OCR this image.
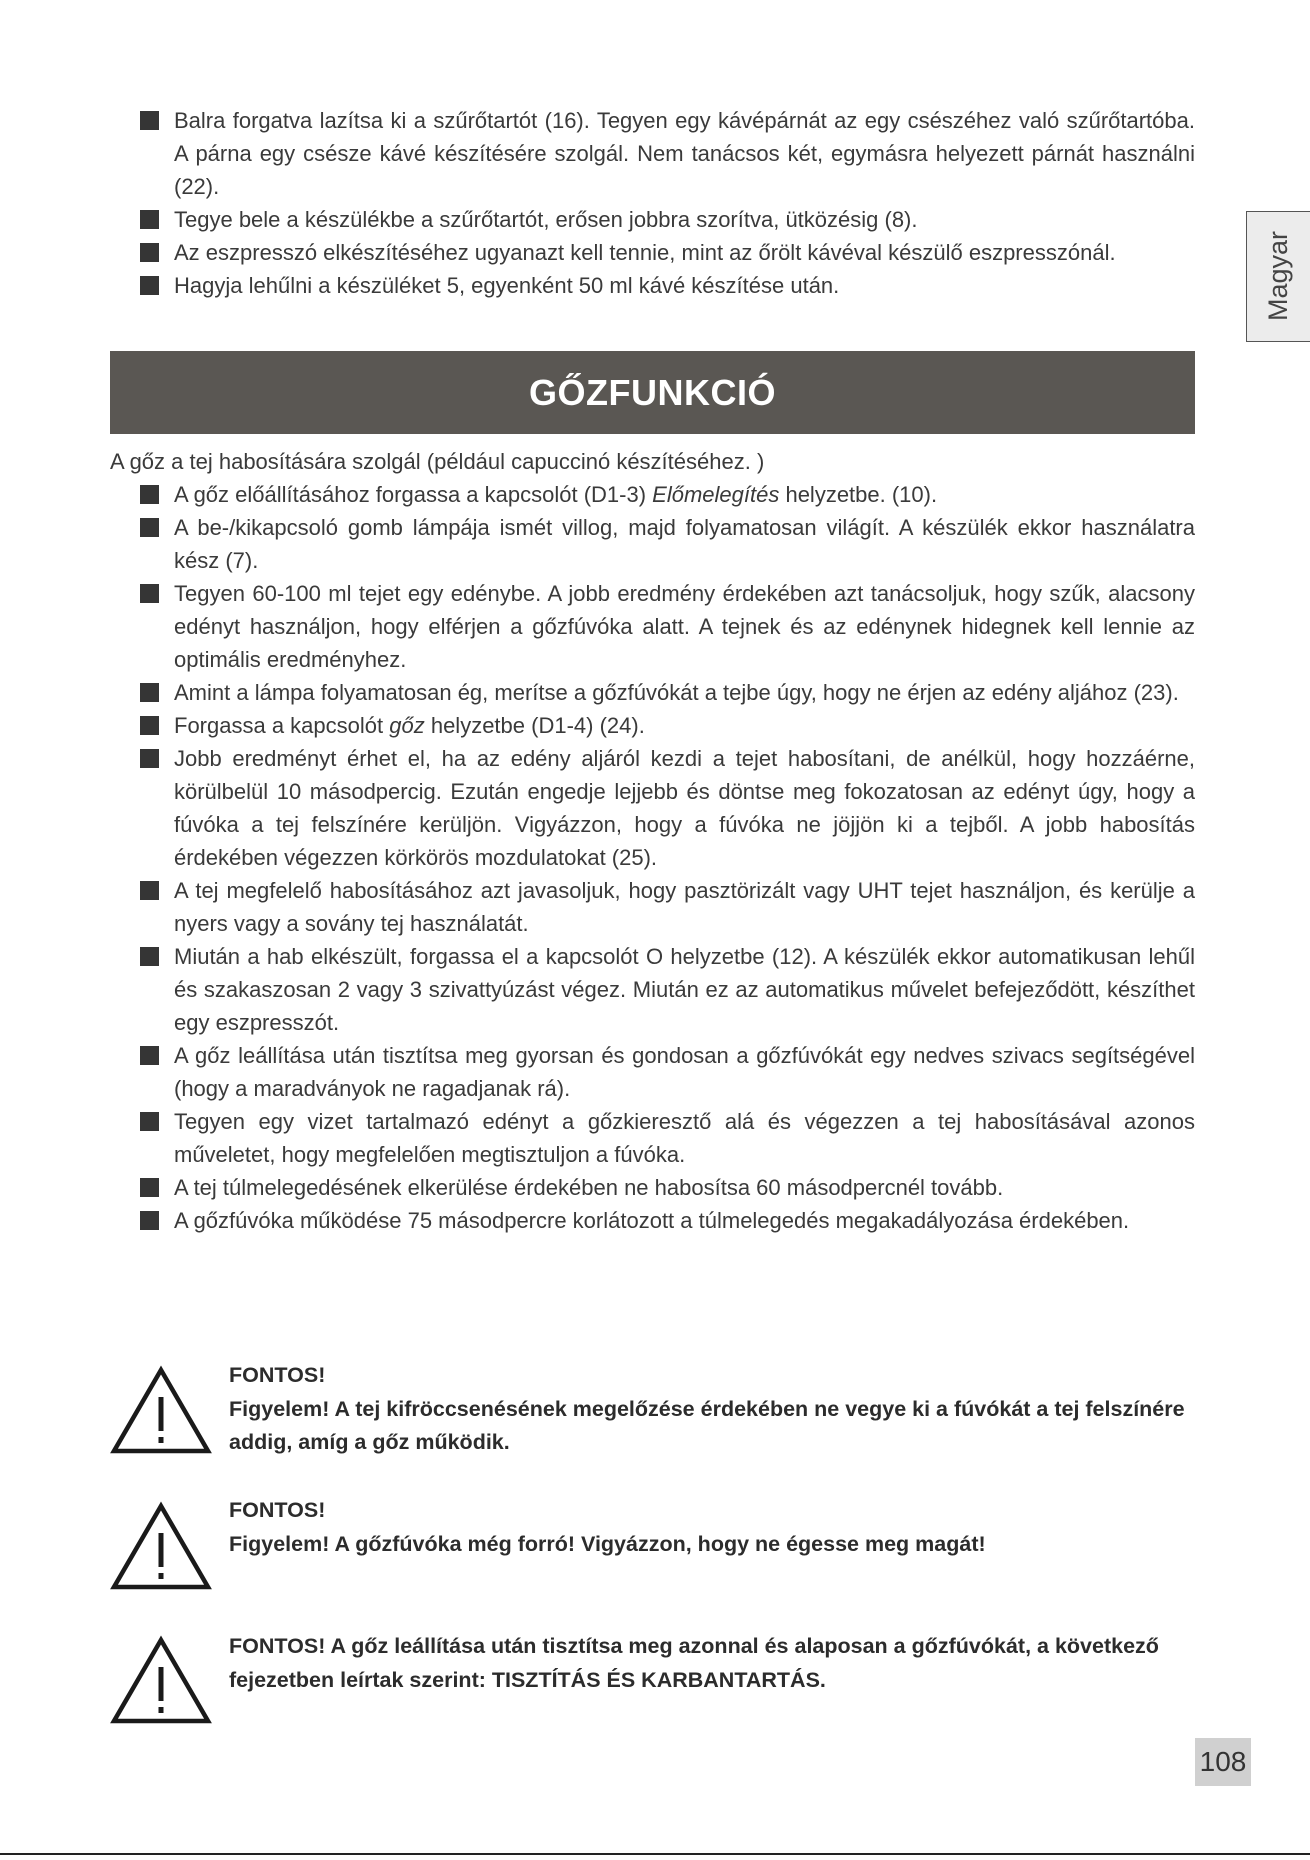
Magyar
Balra forgatva lazítsa ki a szűrőtartót (16). Tegyen egy kávépárnát az egy csészéhez való szűrőtartóba. A párna egy csésze kávé készítésére szolgál. Nem tanácsos két, egymásra helyezett párnát használni (22).
Tegye bele a készülékbe a szűrőtartót, erősen jobbra szorítva, ütközésig (8).
Az eszpresszó elkészítéséhez ugyanazt kell tennie, mint az őrölt kávéval készülő eszpresszónál.
Hagyja lehűlni a készüléket 5, egyenként 50 ml kávé készítése után.
GŐZFUNKCIÓ
A gőz a tej habosítására szolgál (például capuccinó készítéséhez. )
A gőz előállításához forgassa a kapcsolót (D1-3) Előmelegítés helyzetbe. (10).
A be-/kikapcsoló gomb lámpája ismét villog, majd folyamatosan világít. A készülék ekkor használatra kész (7).
Tegyen 60-100 ml tejet egy edénybe. A jobb eredmény érdekében azt tanácsoljuk, hogy szűk, alacsony edényt használjon, hogy elférjen a gőzfúvóka alatt. A tejnek és az edénynek hidegnek kell lennie az optimális eredményhez.
Amint a lámpa folyamatosan ég, merítse a gőzfúvókát a tejbe úgy, hogy ne érjen az edény aljához (23).
Forgassa a kapcsolót gőz helyzetbe (D1-4) (24).
Jobb eredményt érhet el, ha az edény aljáról kezdi a tejet habosítani, de anélkül, hogy hozzáérne, körülbelül 10 másodpercig. Ezután engedje lejjebb és döntse meg fokozatosan az edényt úgy, hogy a fúvóka a tej felszínére kerüljön. Vigyázzon, hogy a fúvóka ne jöjjön ki a tejből. A jobb habosítás érdekében végezzen körkörös mozdulatokat (25).
A tej megfelelő habosításához azt javasoljuk, hogy pasztörizált vagy UHT tejet használjon, és kerülje a nyers vagy a sovány tej használatát.
Miután a hab elkészült, forgassa el a kapcsolót O helyzetbe (12). A készülék ekkor automatikusan lehűl és szakaszosan 2 vagy 3 szivattyúzást végez. Miután ez az automatikus művelet befejeződött, készíthet egy eszpresszót.
A gőz leállítása után tisztítsa meg gyorsan és gondosan a gőzfúvókát egy nedves szivacs segítségével (hogy a maradványok ne ragadjanak rá).
Tegyen egy vizet tartalmazó edényt a gőzkieresztő alá és végezzen a tej habosításával azonos műveletet, hogy megfelelően megtisztuljon a fúvóka.
A tej túlmelegedésének elkerülése érdekében ne habosítsa 60 másodpercnél tovább.
A gőzfúvóka működése 75 másodpercre korlátozott a túlmelegedés megakadályozása érdekében.
FONTOS!
Figyelem! A tej kifröccsenésének megelőzése érdekében ne vegye ki a fúvókát a tej felszínére addig, amíg a gőz működik.
FONTOS!
Figyelem! A gőzfúvóka még forró! Vigyázzon, hogy ne égesse meg magát!
FONTOS! A gőz leállítása után tisztítsa meg azonnal és alaposan a gőzfúvókát, a következő fejezetben leírtak szerint: TISZTÍTÁS ÉS KARBANTARTÁS.
108
